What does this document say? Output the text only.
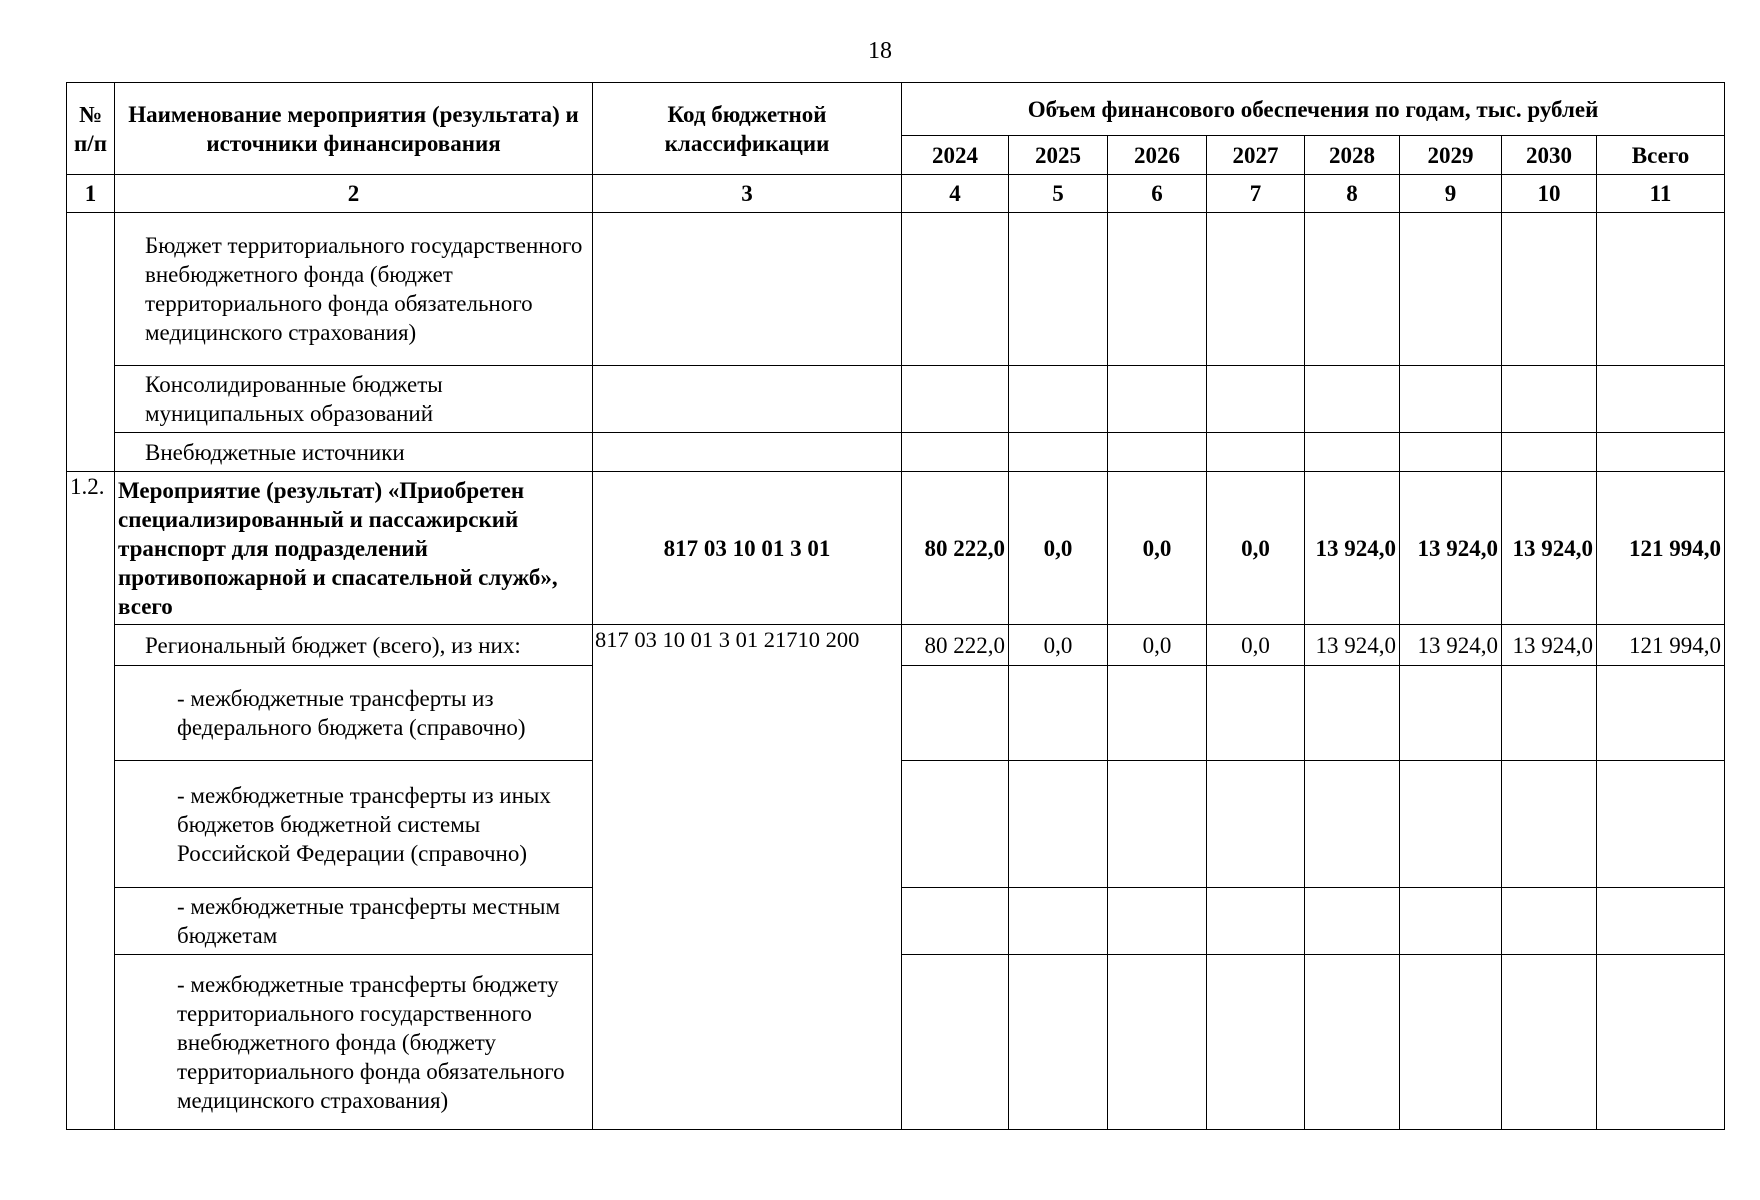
18
№ п/п	Наименование мероприятия (результата) и источники финансирования	Код бюджетной классификации	Объем финансового обеспечения по годам, тыс. рублей							
			2024	2025	2026	2027	2028	2029	2030	Всего
1	2	3	4	5	6	7	8	9	10	11
	Бюджет территориального государственного внебюджетного фонда (бюджет территориального фонда обязательного медицинского страхования)									
	Консолидированные бюджеты муниципальных образований									
	Внебюджетные источники									
1.2.	Мероприятие (результат) «Приобретен специализированный и пассажирский транспорт для подразделений противопожарной и спасательной служб», всего	817 03 10 01 3 01	80 222,0	0,0	0,0	0,0	13 924,0	13 924,0	13 924,0	121 994,0
	Региональный бюджет (всего), из них:	817 03 10 01 3 01 21710 200	80 222,0	0,0	0,0	0,0	13 924,0	13 924,0	13 924,0	121 994,0
	- межбюджетные трансферты из федерального бюджета (справочно)									
	- межбюджетные трансферты из иных бюджетов бюджетной системы Российской Федерации (справочно)									
	- межбюджетные трансферты местным бюджетам									
	- межбюджетные трансферты бюджету территориального государственного внебюджетного фонда (бюджету территориального фонда обязательного медицинского страхования)									
